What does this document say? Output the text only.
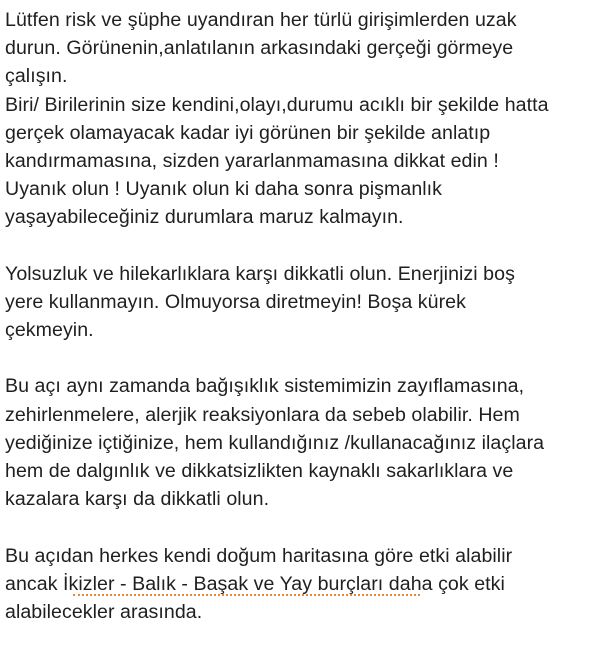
Lütfen risk ve şüphe uyandıran her türlü girişimlerden uzak
durun. Görünenin,anlatılanın arkasındaki gerçeği görmeye
çalışın.
Biri/ Birilerinin size kendini,olayı,durumu acıklı bir şekilde hatta
gerçek olamayacak kadar iyi görünen bir şekilde anlatıp
kandırmamasına, sizden yararlanmamasına dikkat edin !
Uyanık olun ! Uyanık olun ki daha sonra pişmanlık
yaşayabileceğiniz durumlara maruz kalmayın.
Yolsuzluk ve hilekarlıklara karşı dikkatli olun. Enerjinizi boş
yere kullanmayın. Olmuyorsa diretmeyin! Boşa kürek
çekmeyin.
Bu açı aynı zamanda bağışıklık sistemimizin zayıflamasına,
zehirlenmelere, alerjik reaksiyonlara da sebeb olabilir. Hem
yediğinize içtiğinize, hem kullandığınız /kullanacağınız ilaçlara
hem de dalgınlık ve dikkatsizlikten kaynaklı sakarlıklara ve
kazalara karşı da dikkatli olun.
Bu açıdan herkes kendi doğum haritasına göre etki alabilir
ancak İkizler - Balık - Başak ve Yay burçları daha çok etki
alabilecekler arasında.
